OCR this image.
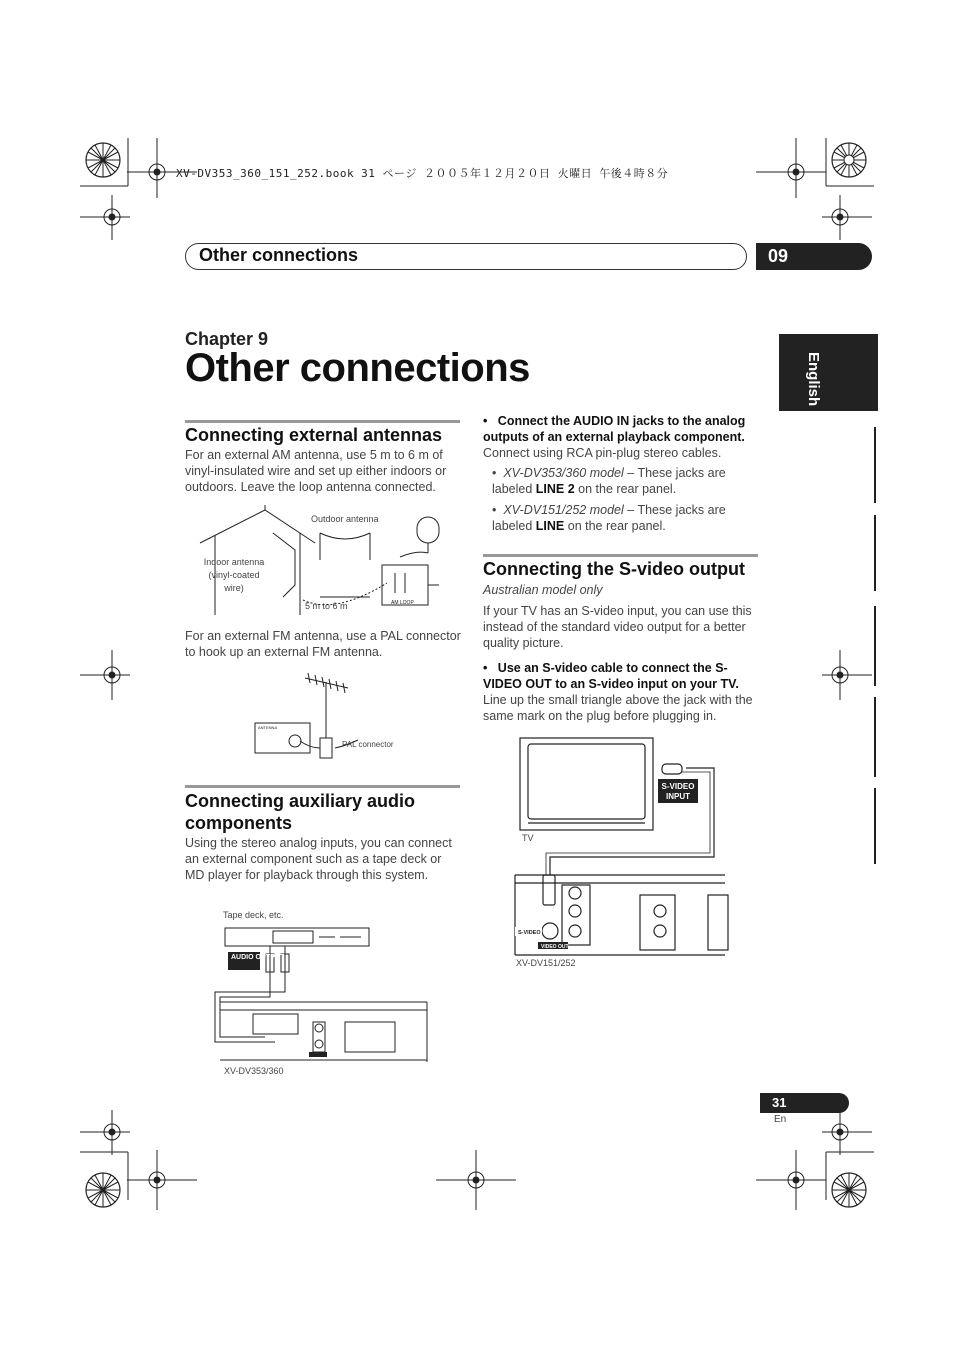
XV-DV353_360_151_252.book 31 ページ ２００５年１２月２０日 火曜日 午後４時８分
Other connections	09
Chapter 9
Other connections	English
Connecting external antennas
For an external AM antenna, use 5 m to 6 m of vinyl-insulated wire and set up either indoors or outdoors. Leave the loop antenna connected.
AM LOOP
Outdoor antenna
Indoor antenna (vinyl-coated wire)
5 m to 6 m
For an external FM antenna, use a PAL connector to hook up an external FM antenna.
ANTENNA
PAL connector
Connecting auxiliary audio components
Using the stereo analog inputs, you can connect an external component such as a tape deck or MD player for playback through this system.
Tape deck, etc.
AUDIO OUTPUT
XV-DV353/360
•   Connect the AUDIO IN jacks to the analog outputs of an external playback component.
Connect using RCA pin-plug stereo cables.
•  XV-DV353/360 model – These jacks are labeled LINE 2 on the rear panel.
•  XV-DV151/252 model – These jacks are labeled LINE on the rear panel.
Connecting the S-video output
Australian model only
If your TV has an S-video input, you can use this instead of the standard video output for a better quality picture.
•   Use an S-video cable to connect the S-VIDEO OUT to an S-video input on your TV.
Line up the small triangle above the jack with the same mark on the plug before plugging in.
S-VIDEO
INPUT
S-VIDEO
VIDEO OUT
TV
XV-DV151/252
31
En
